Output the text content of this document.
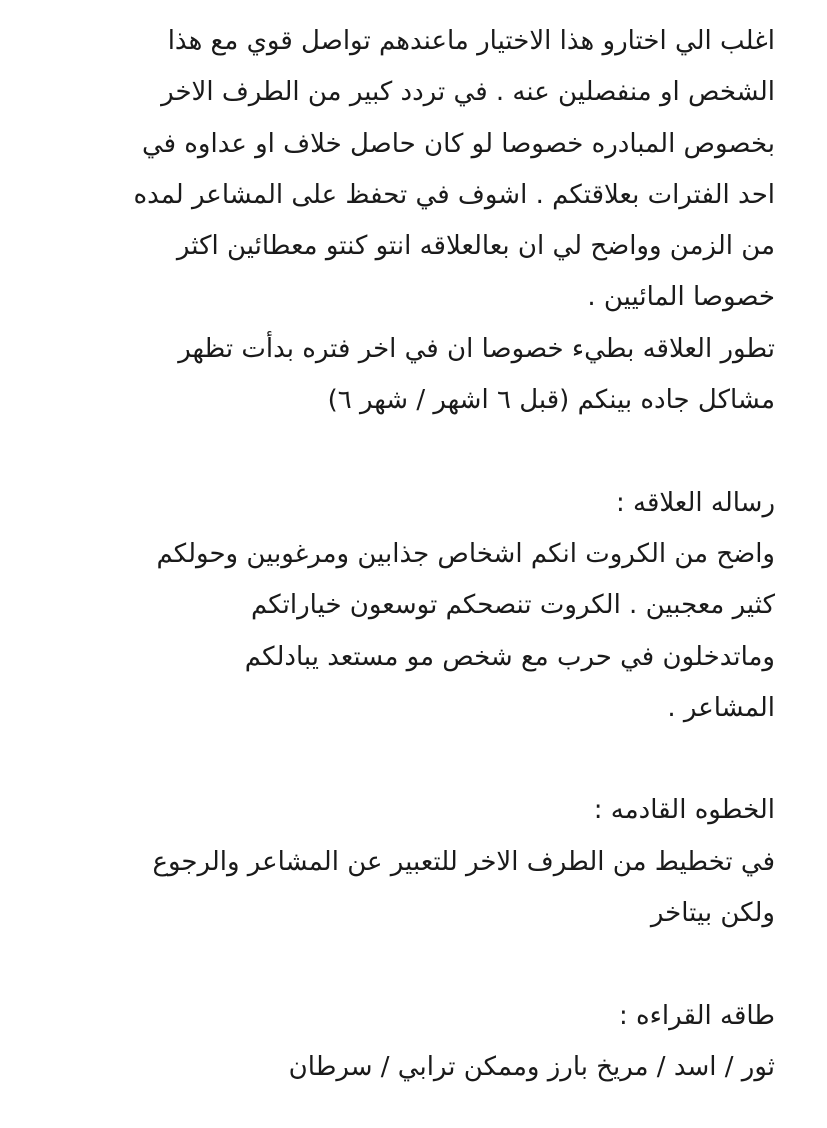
اغلب الي اختارو هذا الاختيار ماعندهم تواصل قوي مع هذا
الشخص او منفصلين عنه . في تردد كبير من الطرف الاخر
بخصوص المبادره خصوصا لو كان حاصل خلاف او عداوه في
احد الفترات بعلاقتكم . اشوف في تحفظ على المشاعر لمده
من الزمن وواضح لي ان بعالعلاقه انتو كنتو معطائين اكثر
خصوصا المائيين .
تطور العلاقه بطيء خصوصا ان في اخر فتره بدأت تظهر
مشاكل جاده بينكم (قبل ٦ اشهر / شهر ٦)
رساله العلاقه :
واضح من الكروت انكم اشخاص جذابين ومرغوبين وحولكم
كثير معجبين . الكروت تنصحكم توسعون خياراتكم
وماتدخلون في حرب مع شخص مو مستعد يبادلكم
المشاعر .
الخطوه القادمه :
في تخطيط من الطرف الاخر للتعبير عن المشاعر والرجوع
ولكن بيتاخر
طاقه القراءه :
ثور / اسد / مريخ بارز وممكن ترابي / سرطان
